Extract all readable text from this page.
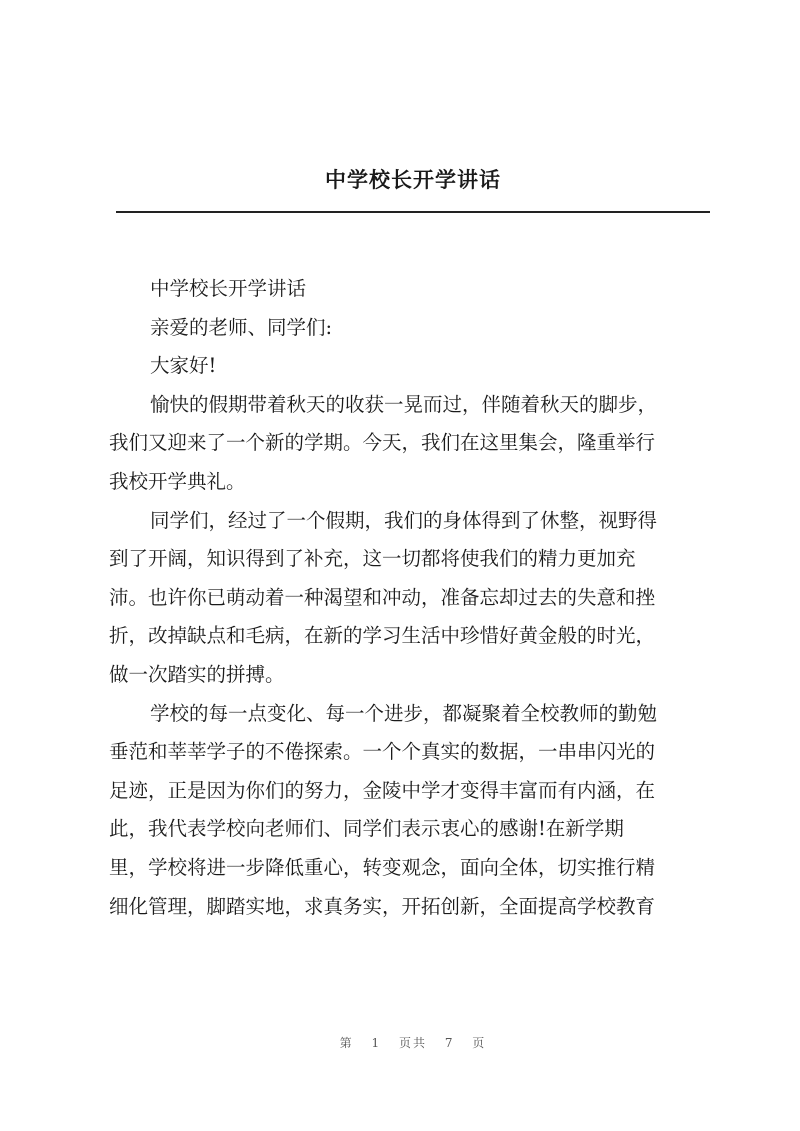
中学校长开学讲话
中学校长开学讲话
亲爱的老师、同学们:
大家好!
愉快的假期带着秋天的收获一晃而过，伴随着秋天的脚步，
我们又迎来了一个新的学期。今天，我们在这里集会，隆重举行
我校开学典礼。
同学们，经过了一个假期，我们的身体得到了休整，视野得
到了开阔，知识得到了补充，这一切都将使我们的精力更加充
沛。也许你已萌动着一种渴望和冲动，准备忘却过去的失意和挫
折，改掉缺点和毛病，在新的学习生活中珍惜好黄金般的时光，
做一次踏实的拼搏。
学校的每一点变化、每一个进步，都凝聚着全校教师的勤勉
垂范和莘莘学子的不倦探索。一个个真实的数据，一串串闪光的
足迹，正是因为你们的努力，金陵中学才变得丰富而有内涵，在
此，我代表学校向老师们、同学们表示衷心的感谢!在新学期
里，学校将进一步降低重心，转变观念，面向全体，切实推行精
细化管理，脚踏实地，求真务实，开拓创新，全面提高学校教育
第 1 页共 7 页
